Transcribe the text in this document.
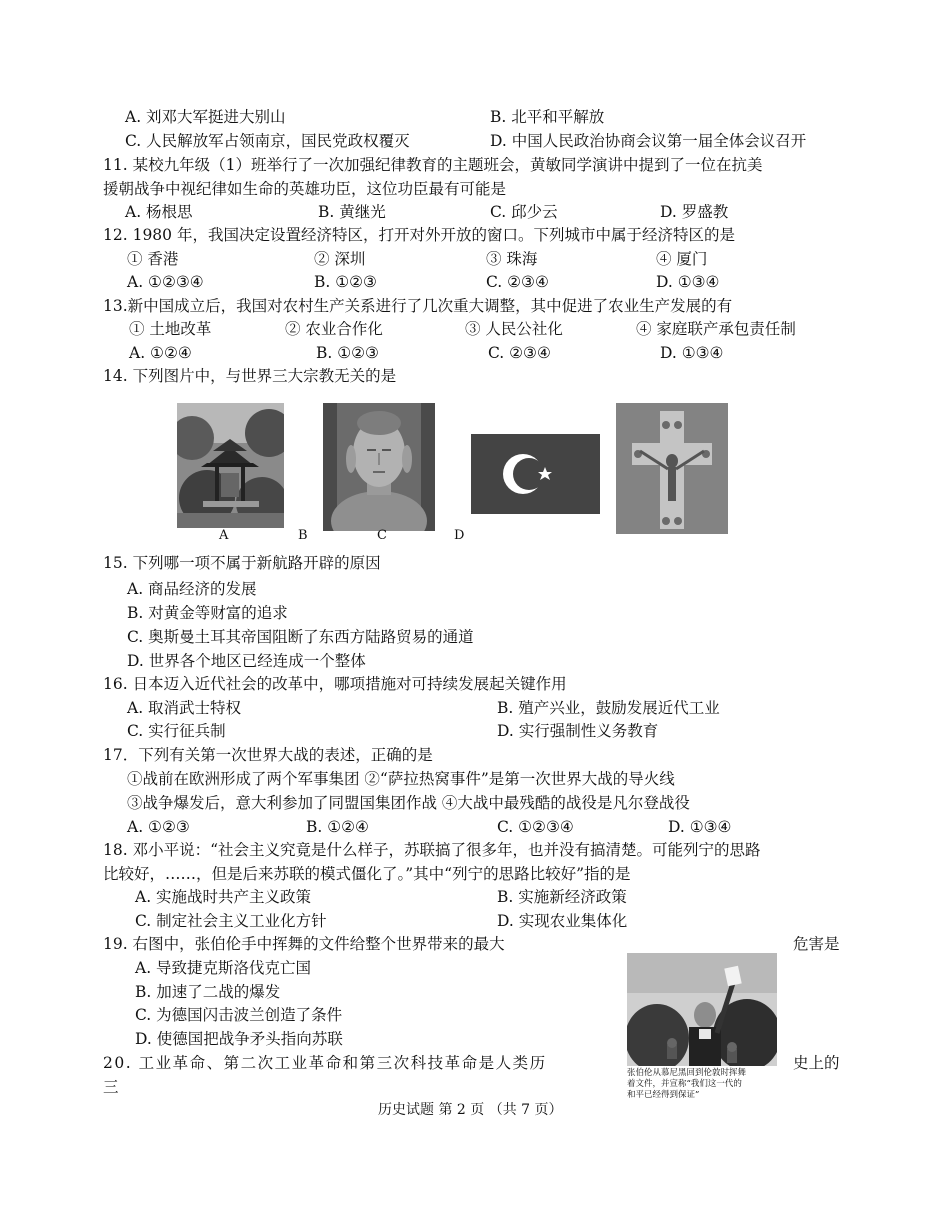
A. 刘邓大军挺进大别山	B. 北平和平解放
C. 人民解放军占领南京，国民党政权覆灭	D. 中国人民政治协商会议第一届全体会议召开
11. 某校九年级（1）班举行了一次加强纪律教育的主题班会，黄敏同学演讲中提到了一位在抗美
援朝战争中视纪律如生命的英雄功臣，这位功臣最有可能是
A. 杨根思	B. 黄继光	C. 邱少云	D. 罗盛教
12. 1980 年，我国决定设置经济特区，打开对外开放的窗口。下列城市中属于经济特区的是
① 香港	② 深圳	③ 珠海	④ 厦门
A. ①②③④	B. ①②③	C. ②③④	D. ①③④
13.新中国成立后，我国对农村生产关系进行了几次重大调整，其中促进了农业生产发展的有
① 土地改革	② 农业合作化	③ 人民公社化	④ 家庭联产承包责任制
A. ①②④	B. ①②③	C. ②③④	D. ①③④
14. 下列图片中，与世界三大宗教无关的是
A	B	C	D
15. 下列哪一项不属于新航路开辟的原因
A. 商品经济的发展
B. 对黄金等财富的追求
C. 奥斯曼土耳其帝国阻断了东西方陆路贸易的通道
D. 世界各个地区已经连成一个整体
16. 日本迈入近代社会的改革中，哪项措施对可持续发展起关键作用
A. 取消武士特权	B. 殖产兴业，鼓励发展近代工业
C. 实行征兵制	D. 实行强制性义务教育
17．下列有关第一次世界大战的表述，正确的是
①战前在欧洲形成了两个军事集团 ②“萨拉热窝事件”是第一次世界大战的导火线
③战争爆发后，意大利参加了同盟国集团作战 ④大战中最残酷的战役是凡尔登战役
A. ①②③	B. ①②④	C. ①②③④	D. ①③④
18. 邓小平说：“社会主义究竟是什么样子，苏联搞了很多年，也并没有搞清楚。可能列宁的思路
比较好，……，但是后来苏联的模式僵化了。”其中“列宁的思路比较好”指的是
A. 实施战时共产主义政策	B. 实施新经济政策
C. 制定社会主义工业化方针	D. 实现农业集体化
19. 右图中，张伯伦手中挥舞的文件给整个世界带来的最大	危害是
A. 导致捷克斯洛伐克亡国
B. 加速了二战的爆发
C. 为德国闪击波兰创造了条件
D. 使德国把战争矛头指向苏联
张伯伦从慕尼黑回到伦敦时挥舞
着文件，并宣称“我们这一代的
和平已经得到保证”
20. 工业革命、第二次工业革命和第三次科技革命是人类历	史上的
三
历史试题 第 2 页 （共 7 页）
